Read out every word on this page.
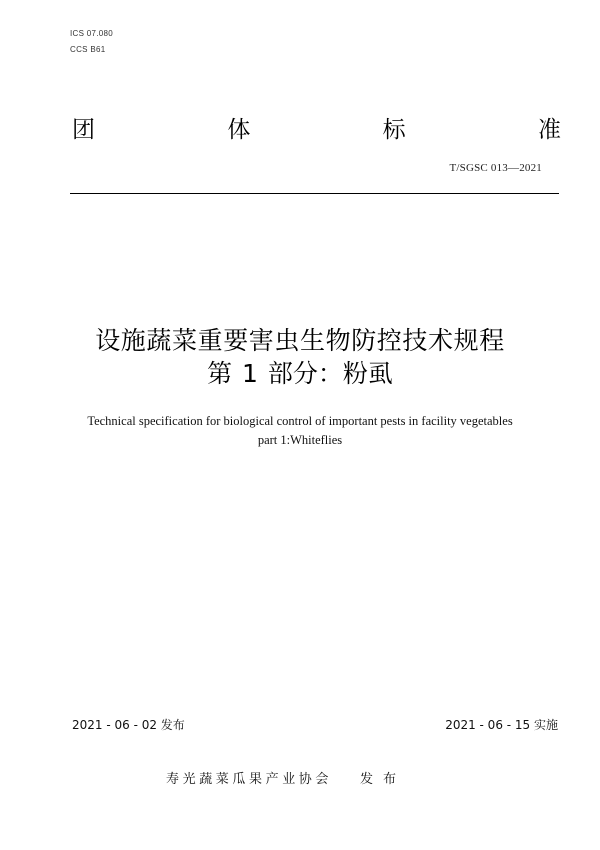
ICS 07.080
CCS B61
团	体	标	准
T/SGSC 013—2021
设施蔬菜重要害虫生物防控技术规程
第 1 部分：粉虱
Technical specification for biological control of important pests in facility vegetables
part 1:Whiteflies
2021 - 06 - 02 发布	2021 - 06 - 15 实施
寿光蔬菜瓜果产业协会 发布
